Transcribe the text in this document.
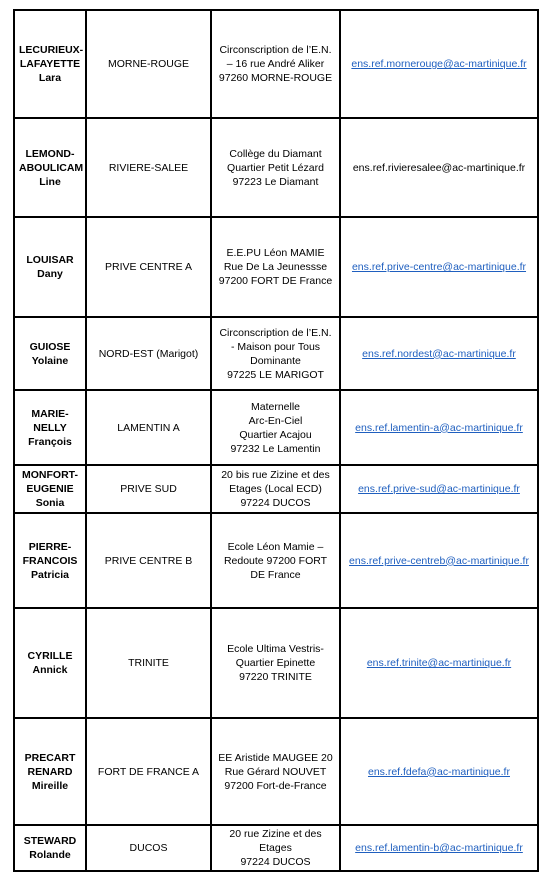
LECURIEUX-
LAFAYETTE
Lara	MORNE-ROUGE	Circonscription de l’E.N.
– 16 rue André Aliker
97260 MORNE-ROUGE	ens.ref.mornerouge@ac-martinique.fr

LEMOND-
ABOULICAM
Line	RIVIERE-SALEE	Collège du Diamant
Quartier Petit Lézard
97223 Le Diamant	ens.ref.rivieresalee@ac-martinique.fr

LOUISAR
Dany	PRIVE CENTRE A	E.E.PU Léon MAMIE
Rue De La Jeunessse
97200 FORT DE France	ens.ref.prive-centre@ac-martinique.fr

GUIOSE
Yolaine	NORD-EST (Marigot)	Circonscription de l’E.N.
- Maison pour Tous
Dominante
97225 LE MARIGOT	ens.ref.nordest@ac-martinique.fr

MARIE-
NELLY
François	LAMENTIN A	Maternelle
Arc-En-Ciel
Quartier Acajou
97232 Le Lamentin	ens.ref.lamentin-a@ac-martinique.fr

MONFORT-
EUGENIE
Sonia	PRIVE SUD	20 bis rue Zizine et des
Etages (Local ECD)
97224 DUCOS	ens.ref.prive-sud@ac-martinique.fr

PIERRE-
FRANCOIS
Patricia	PRIVE CENTRE B	Ecole Léon Mamie –
Redoute 97200 FORT
DE France	ens.ref.prive-centreb@ac-martinique.fr

CYRILLE
Annick	TRINITE	Ecole Ultima Vestris-
Quartier Epinette
97220 TRINITE	ens.ref.trinite@ac-martinique.fr

PRECART
RENARD
Mireille	FORT DE FRANCE A	EE Aristide MAUGEE 20
Rue Gérard NOUVET
97200 Fort-de-France	ens.ref.fdefa@ac-martinique.fr

STEWARD
Rolande	DUCOS	20 rue Zizine et des
Etages
97224 DUCOS	ens.ref.lamentin-b@ac-martinique.fr
